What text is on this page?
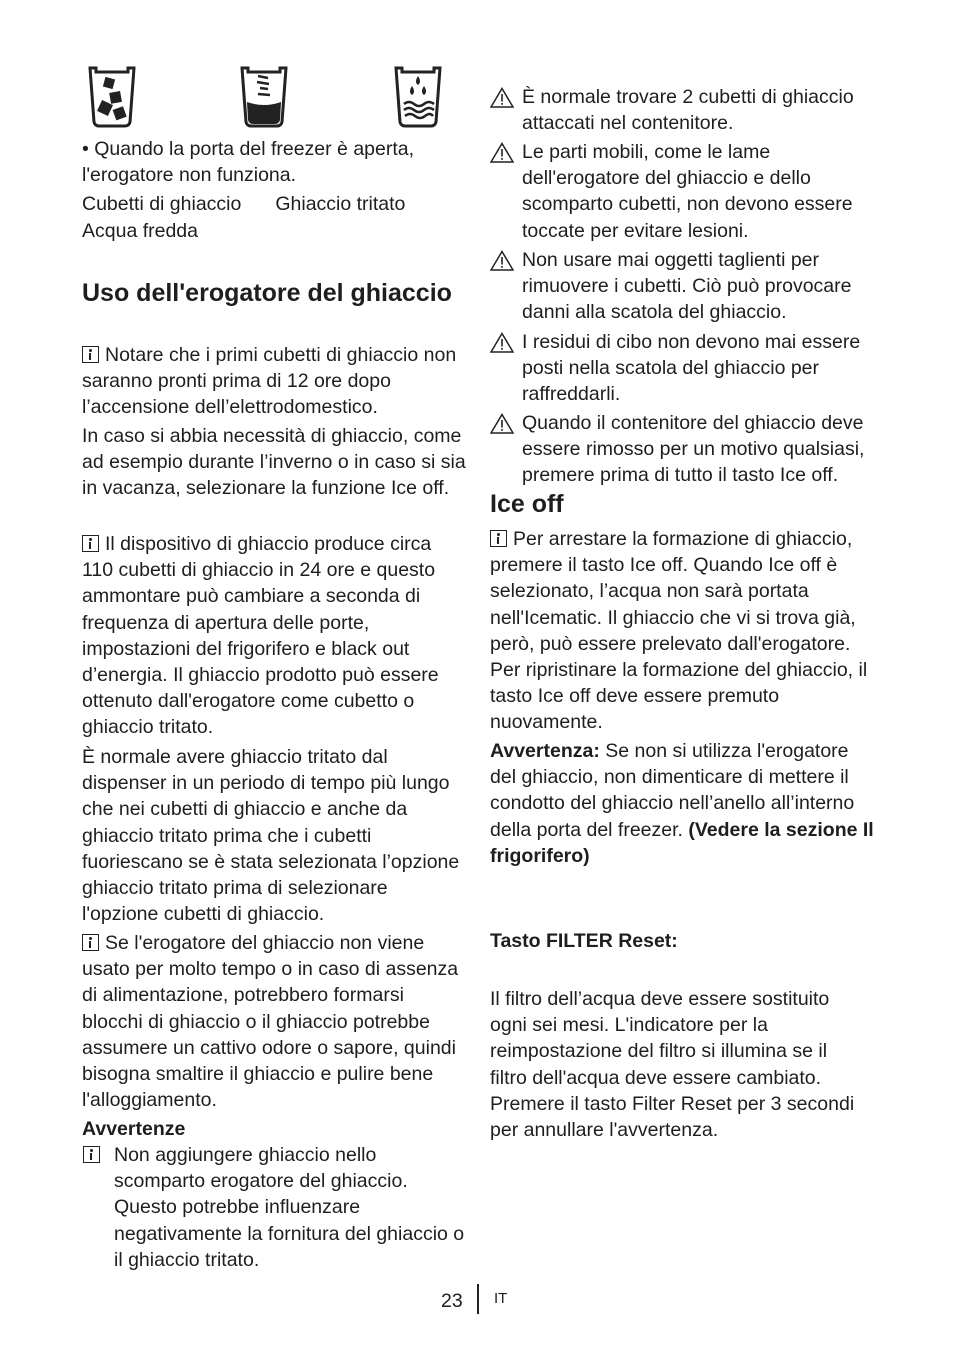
• Quando la porta del freezer è aperta, l'erogatore non funziona.

Cubetti di ghiaccio Ghiaccio tritato

Acqua fredda

Uso dell'erogatore del ghiaccio

Notare che i primi cubetti di ghiaccio non saranno pronti prima di 12 ore dopo l’accensione dell’elettrodomestico.

In caso si abbia necessità di ghiaccio, come ad esempio durante l’inverno o in caso si sia in vacanza, selezionare la funzione Ice off.

Il dispositivo di ghiaccio produce circa 110 cubetti di ghiaccio in 24 ore e questo ammontare può cambiare a seconda di frequenza di apertura delle porte, impostazioni del frigorifero e black out d’energia. Il ghiaccio prodotto può essere ottenuto dall'erogatore come cubetto o ghiaccio tritato.

È normale avere ghiaccio tritato dal dispenser in un periodo di tempo più lungo che nei cubetti di ghiaccio e anche da ghiaccio tritato prima che i cubetti fuoriescano se è stata selezionata l’opzione ghiaccio tritato prima di selezionare l'opzione cubetti di ghiaccio.

Se l'erogatore del ghiaccio non viene usato per molto tempo o in caso di assenza di alimentazione, potrebbero formarsi blocchi di ghiaccio o il ghiaccio potrebbe assumere un cattivo odore o sapore, quindi bisogna smaltire il ghiaccio e pulire bene l'alloggiamento.

Avvertenze

Non aggiungere ghiaccio nello scomparto erogatore del ghiaccio. Questo potrebbe influenzare negativamente la fornitura del ghiaccio o il ghiaccio tritato.

È normale trovare 2 cubetti di ghiaccio attaccati nel contenitore.

Le parti mobili, come le lame dell'erogatore del ghiaccio e dello scomparto cubetti, non devono essere toccate per evitare lesioni.

Non usare mai oggetti taglienti per rimuovere i cubetti. Ciò può provocare danni alla scatola del ghiaccio.

I residui di cibo non devono mai essere posti nella scatola del ghiaccio per raffreddarli.

Quando il contenitore del ghiaccio deve essere rimosso per un motivo qualsiasi, premere prima di tutto il tasto Ice off.

Ice off

Per arrestare la formazione di ghiaccio, premere il tasto Ice off. Quando Ice off è selezionato, l’acqua non sarà portata nell'Icematic. Il ghiaccio che vi si trova già, però, può essere prelevato dall'erogatore. Per ripristinare la formazione del ghiaccio, il tasto Ice off deve essere premuto nuovamente.

Avvertenza: Se non si utilizza l'erogatore del ghiaccio, non dimenticare di mettere il condotto del ghiaccio nell’anello all’interno della porta del freezer. (Vedere la sezione Il frigorifero)

Tasto FILTER Reset:

Il filtro dell’acqua deve essere sostituito ogni sei mesi. L'indicatore per la reimpostazione del filtro si illumina se il filtro dell'acqua deve essere cambiato. Premere il tasto Filter Reset per 3 secondi per annullare l'avvertenza.

23 IT
